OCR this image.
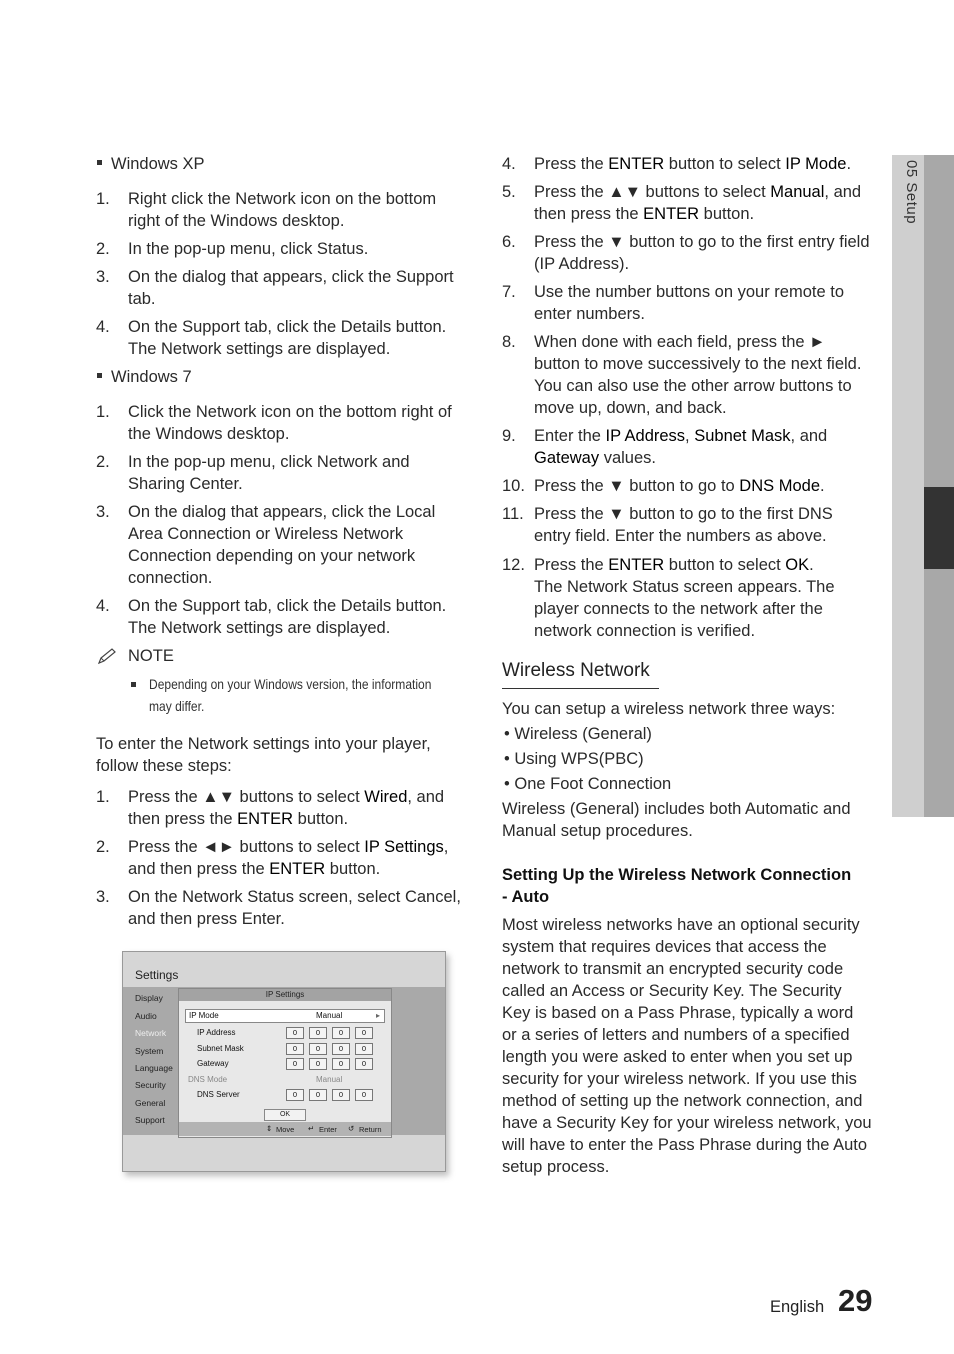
05 Setup
Windows XP
1. Right click the Network icon on the bottom
right of the Windows desktop.
2. In the pop-up menu, click Status.
3. On the dialog that appears, click the Support
tab.
4. On the Support tab, click the Details button.
The Network settings are displayed.
Windows 7
1. Click the Network icon on the bottom right of
the Windows desktop.
2. In the pop-up menu, click Network and
Sharing Center.
3. On the dialog that appears, click the Local
Area Connection or Wireless Network
Connection depending on your network
connection.
4. On the Support tab, click the Details button.
The Network settings are displayed.
NOTE
Depending on your Windows version, the information
may differ.
To enter the Network settings into your player,
follow these steps:
1. Press the ▲▼ buttons to select Wired, and
then press the ENTER button.
2. Press the ◄► buttons to select IP Settings,
and then press the ENTER button.
3. On the Network Status screen, select Cancel,
and then press Enter.
Settings
Display
Audio
Network
System
Language
Security
General
Support
IP Settings
IP Mode	Manual	▸
IP Address	0	0	0	0
Subnet Mask	0	0	0	0
Gateway	0	0	0	0
DNS Mode	Manual
DNS Server	0	0	0	0
OK
⇕ Move ↵ Enter ↺ Return
4. Press the ENTER button to select IP Mode.
5. Press the ▲▼ buttons to select Manual, and
then press the ENTER button.
6. Press the ▼ button to go to the first entry field
(IP Address).
7. Use the number buttons on your remote to
enter numbers.
8. When done with each field, press the ►
button to move successively to the next field.
You can also use the other arrow buttons to
move up, down, and back.
9. Enter the IP Address, Subnet Mask, and
Gateway values.
10. Press the ▼ button to go to DNS Mode.
11. Press the ▼ button to go to the first DNS
entry field. Enter the numbers as above.
12. Press the ENTER button to select OK.
The Network Status screen appears. The
player connects to the network after the
network connection is verified.
Wireless Network
You can setup a wireless network three ways:
• Wireless (General)
• Using WPS(PBC)
• One Foot Connection
Wireless (General) includes both Automatic and
Manual setup procedures.
Setting Up the Wireless Network Connection
- Auto
Most wireless networks have an optional security
system that requires devices that access the
network to transmit an encrypted security code
called an Access or Security Key. The Security
Key is based on a Pass Phrase, typically a word
or a series of letters and numbers of a specified
length you were asked to enter when you set up
security for your wireless network. If you use this
method of setting up the network connection, and
have a Security Key for your wireless network, you
will have to enter the Pass Phrase during the Auto
setup process.
English 29
